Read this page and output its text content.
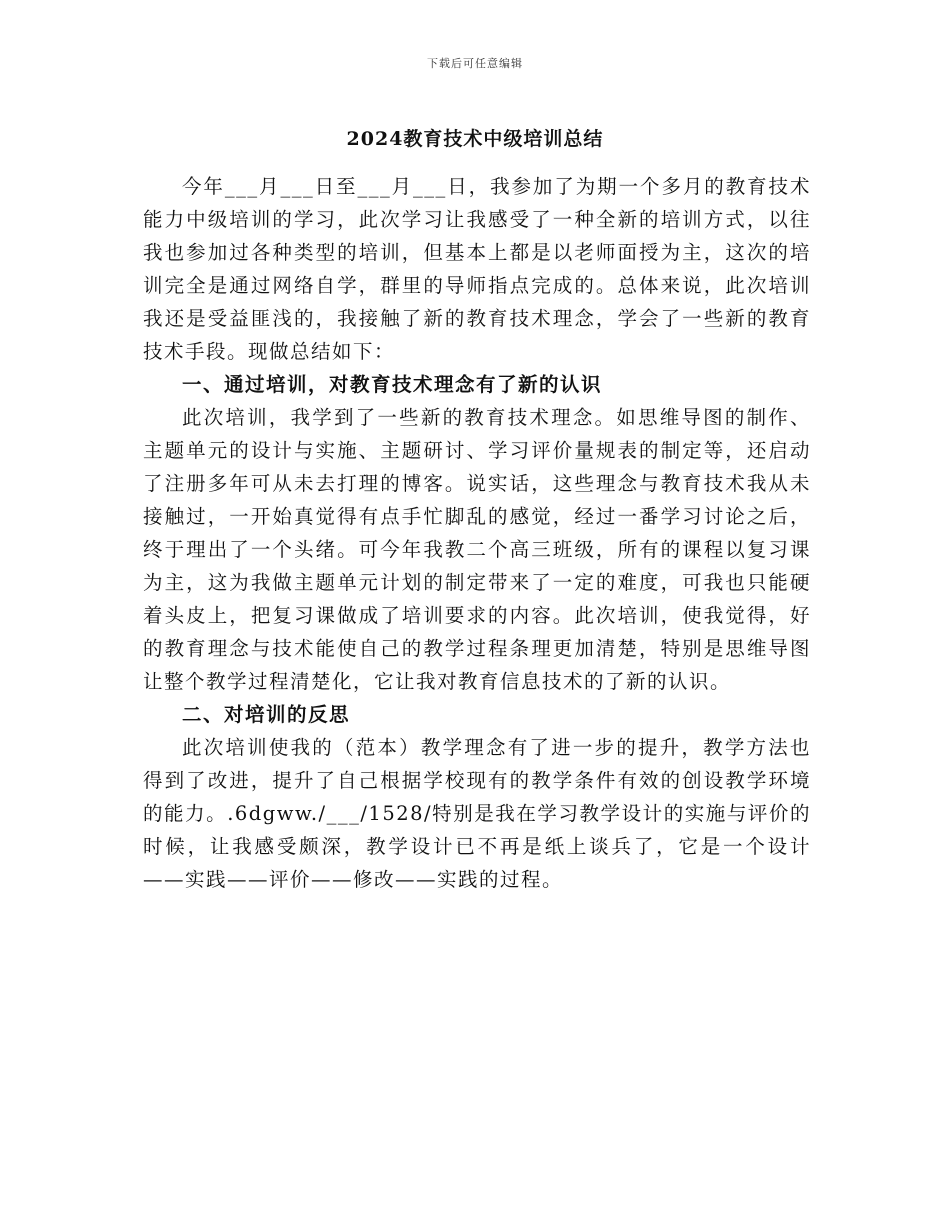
下载后可任意编辑
2024教育技术中级培训总结

今年___月___日至___月___日，我参加了为期一个多月的教育技术能力中级培训的学习，此次学习让我感受了一种全新的培训方式，以往我也参加过各种类型的培训，但基本上都是以老师面授为主，这次的培训完全是通过网络自学，群里的导师指点完成的。总体来说，此次培训我还是受益匪浅的，我接触了新的教育技术理念，学会了一些新的教育技术手段。现做总结如下：

一、通过培训，对教育技术理念有了新的认识

此次培训，我学到了一些新的教育技术理念。如思维导图的制作、主题单元的设计与实施、主题研讨、学习评价量规表的制定等，还启动了注册多年可从未去打理的博客。说实话，这些理念与教育技术我从未接触过，一开始真觉得有点手忙脚乱的感觉，经过一番学习讨论之后，终于理出了一个头绪。可今年我教二个高三班级，所有的课程以复习课为主，这为我做主题单元计划的制定带来了一定的难度，可我也只能硬着头皮上，把复习课做成了培训要求的内容。此次培训，使我觉得，好的教育理念与技术能使自己的教学过程条理更加清楚，特别是思维导图让整个教学过程清楚化，它让我对教育信息技术的了新的认识。

二、对培训的反思

此次培训使我的（范本）教学理念有了进一步的提升，教学方法也得到了改进，提升了自己根据学校现有的教学条件有效的创设教学环境的能力。.6dgww./___/1528/特别是我在学习教学设计的实施与评价的时候，让我感受颇深，教学设计已不再是纸上谈兵了，它是一个设计——实践——评价——修改——实践的过程。
